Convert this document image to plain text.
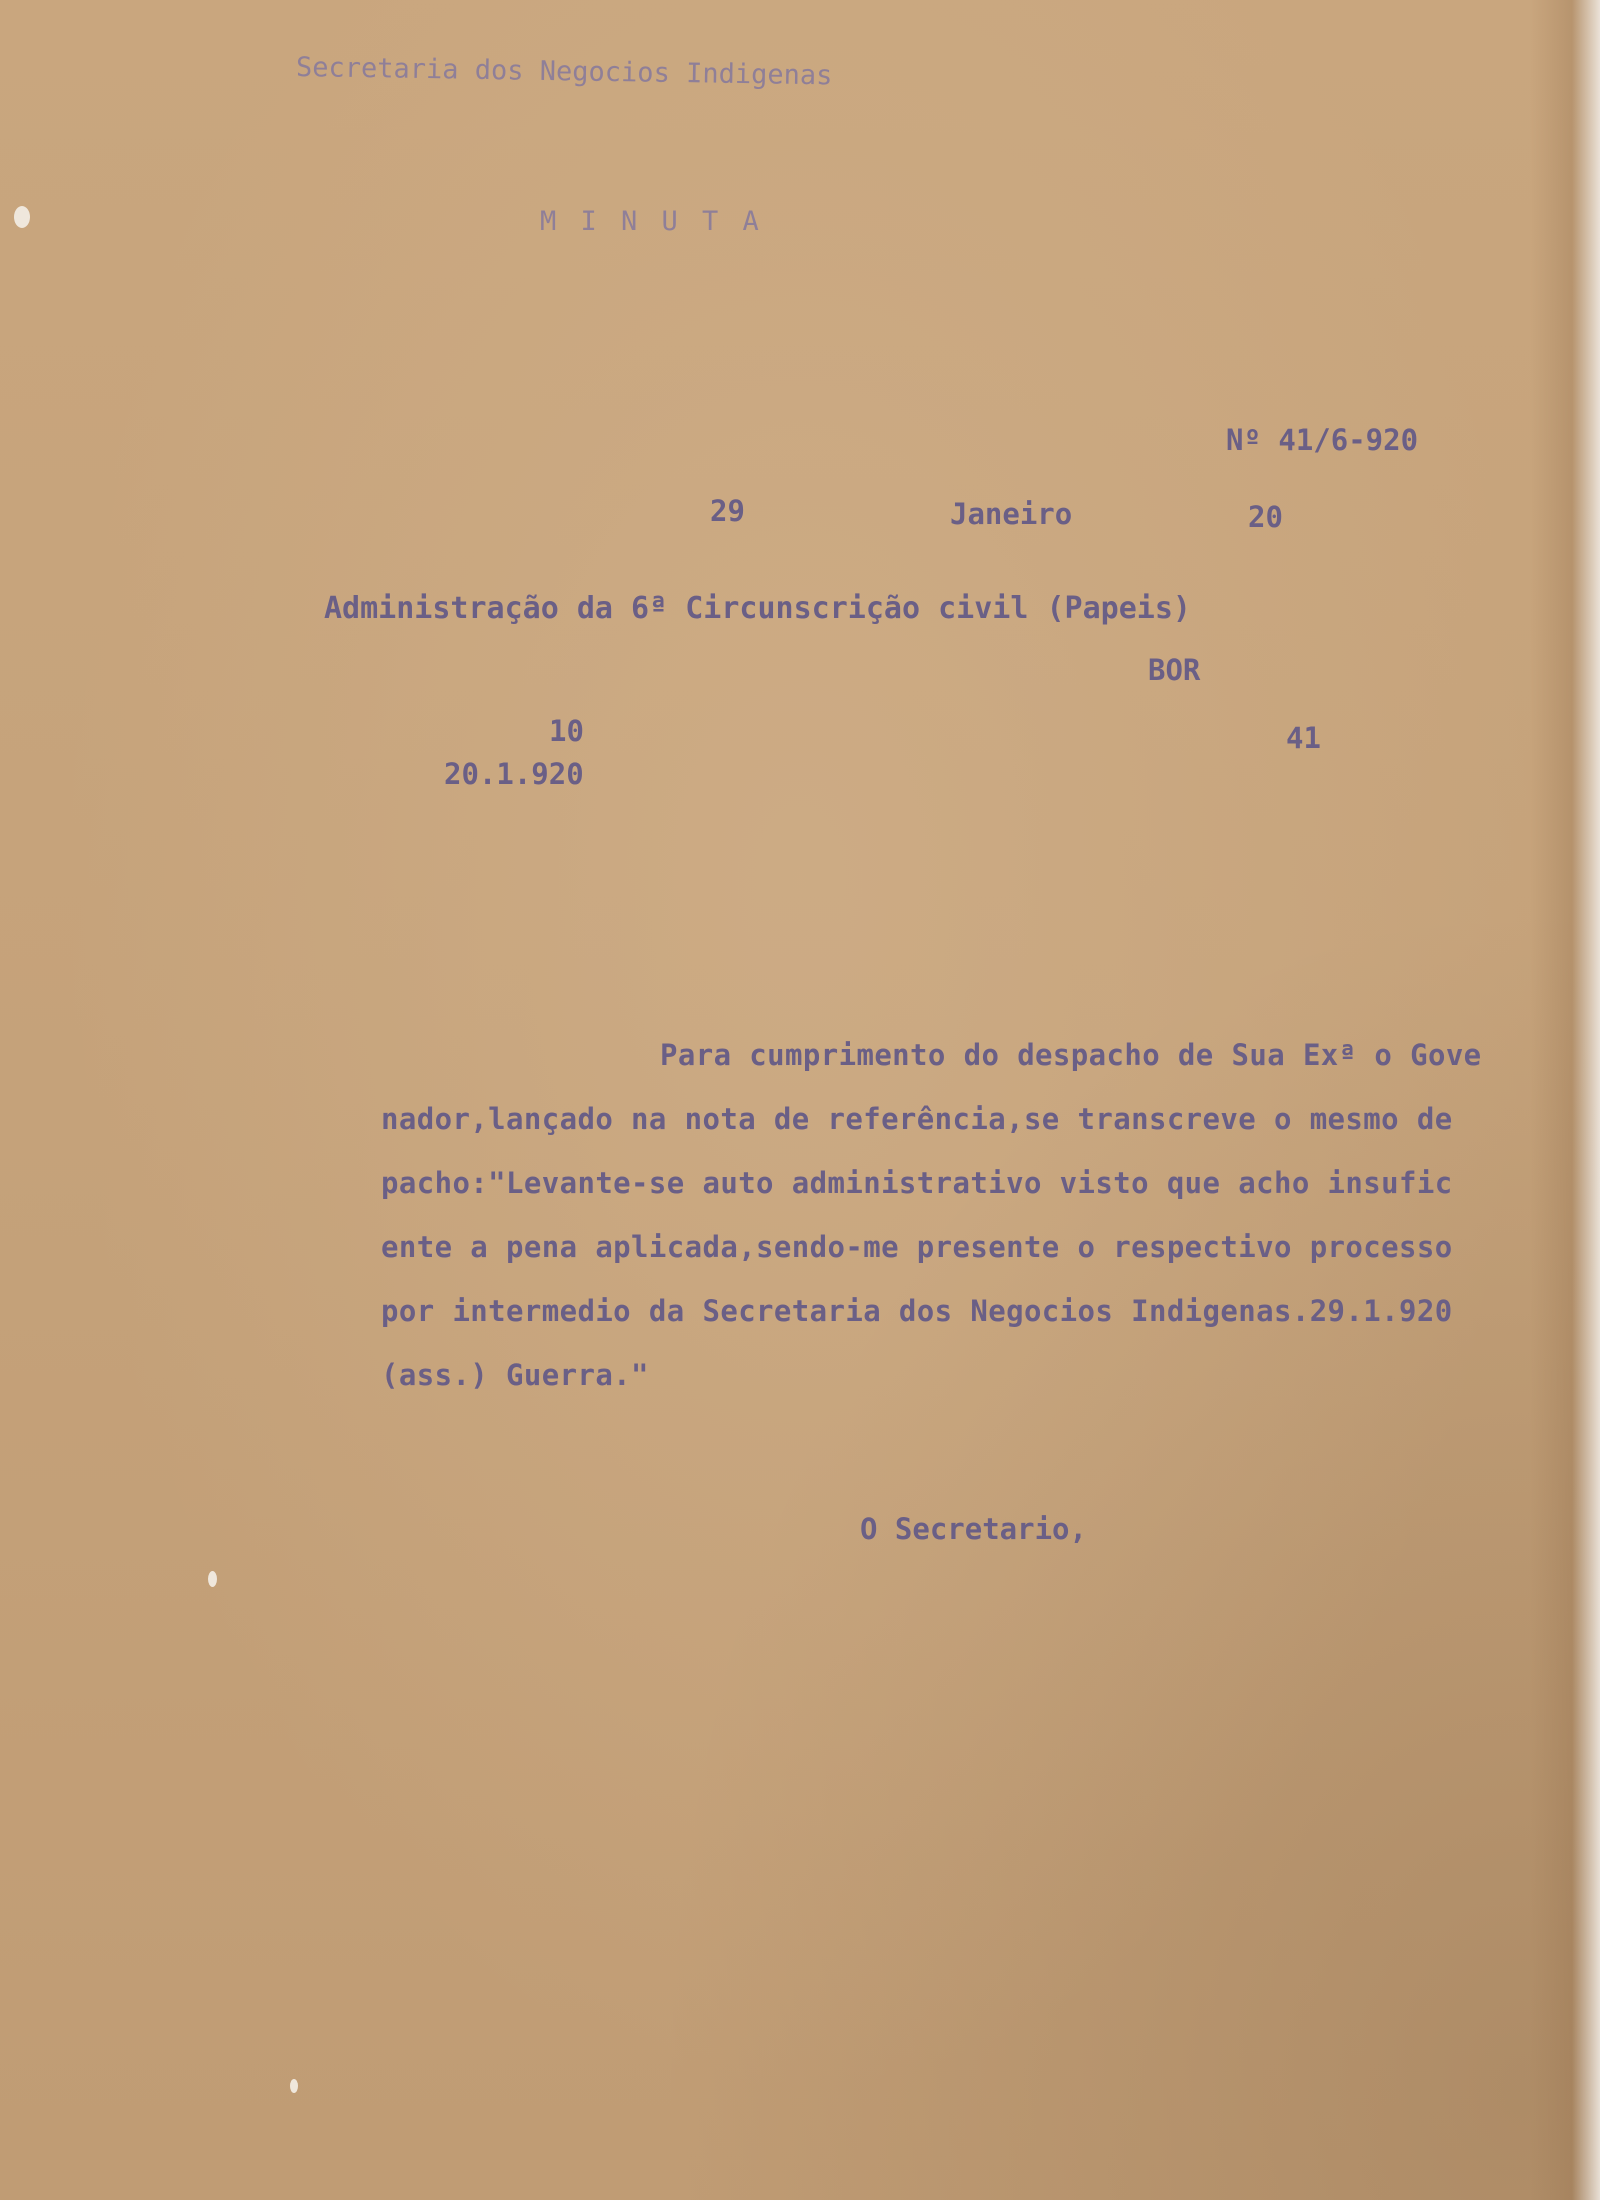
Secretaria dos Negocios Indigenas

M I N U T A

Nº 41/6-920

29	Janeiro	20

Administração da 6ª Circunscrição civil (Papeis)

BOR

10

20.1.920

41

Para cumprimento do despacho de Sua Exª o Gove

nador,lançado na nota de referência,se transcreve o mesmo de

pacho:"Levante-se auto administrativo visto que acho insufic

ente a pena aplicada,sendo-me presente o respectivo processo

por intermedio da Secretaria dos Negocios Indigenas.29.1.920

(ass.) Guerra."

O Secretario,
